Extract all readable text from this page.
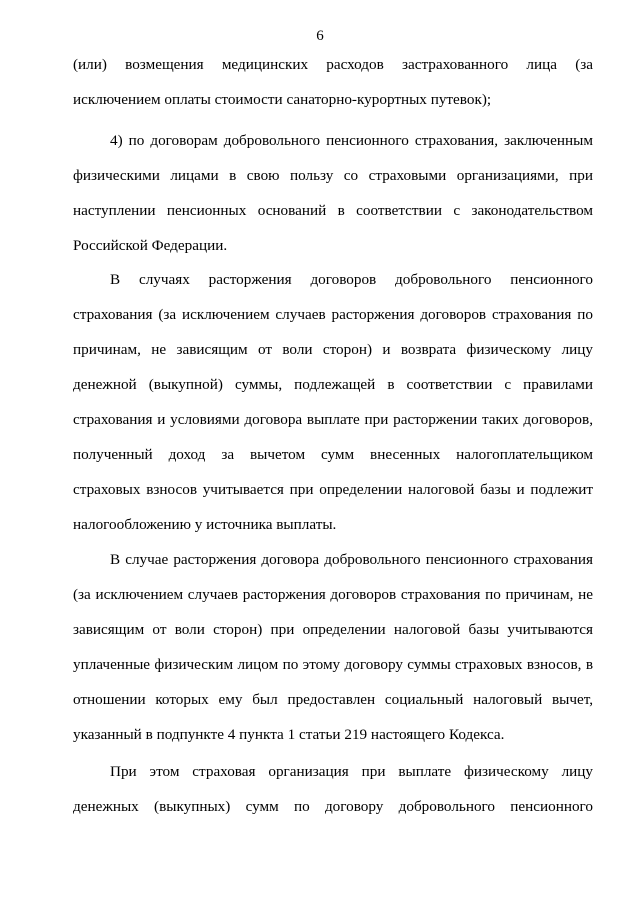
6
(или) возмещения медицинских расходов застрахованного лица (за
исключением оплаты стоимости санаторно-курортных путевок);
4) по договорам добровольного пенсионного страхования, заключенным
физическими лицами в свою пользу со страховыми организациями, при
наступлении пенсионных оснований в соответствии с законодательством
Российской Федерации.
В случаях расторжения договоров добровольного пенсионного
страхования (за исключением случаев расторжения договоров страхования по
причинам, не зависящим от воли сторон) и возврата физическому лицу
денежной (выкупной) суммы, подлежащей в соответствии с правилами
страхования и условиями договора выплате при расторжении таких договоров,
полученный доход за вычетом сумм внесенных налогоплательщиком
страховых взносов учитывается при определении налоговой базы и подлежит
налогообложению у источника выплаты.
В случае расторжения договора добровольного пенсионного страхования
(за исключением случаев расторжения договоров страхования по причинам, не
зависящим от воли сторон) при определении налоговой базы учитываются
уплаченные физическим лицом по этому договору суммы страховых взносов, в
отношении которых ему был предоставлен социальный налоговый вычет,
указанный в подпункте 4 пункта 1 статьи 219 настоящего Кодекса.
При этом страховая организация при выплате физическому лицу
денежных (выкупных) сумм по договору добровольного пенсионного
